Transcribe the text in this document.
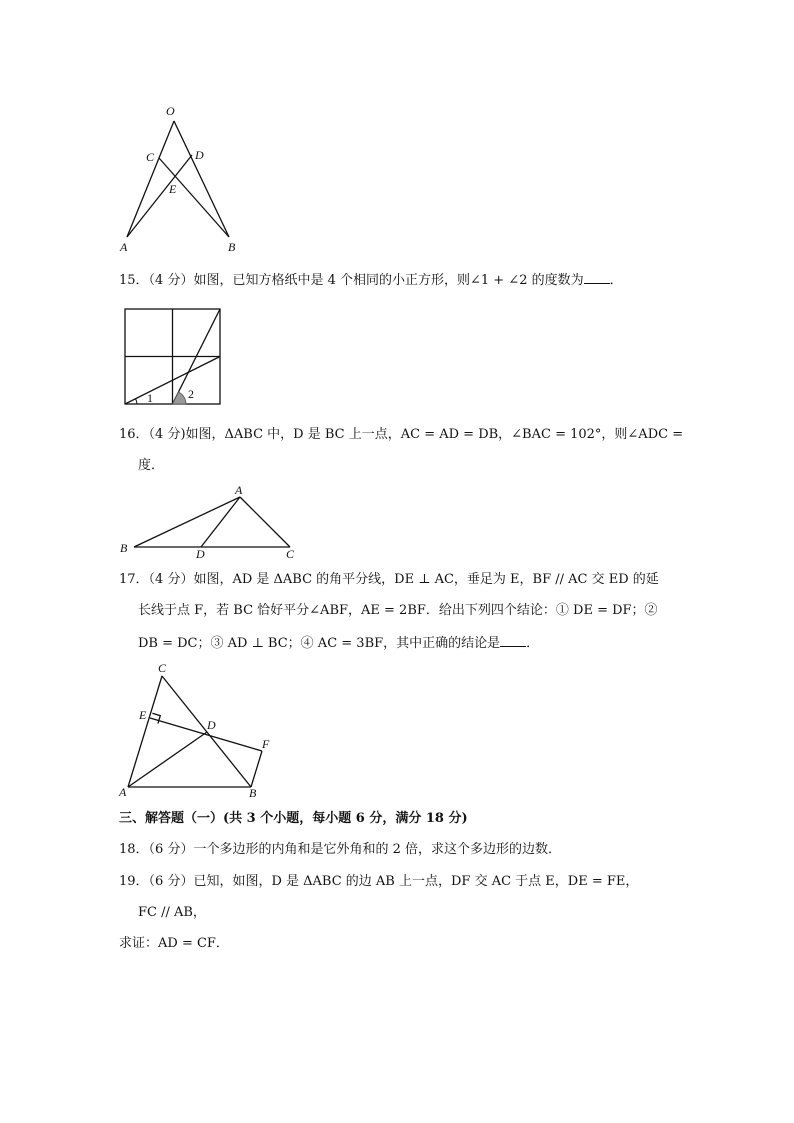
O
C	D
E
A	B
15．（4 分）如图，已知方格纸中是 4 个相同的小正方形，则∠1 + ∠2 的度数为 ．
1	2
16．（4 分)如图，ΔABC 中，D 是 BC 上一点，AC = AD = DB，∠BAC = 102°，则∠ADC =
度．
A
B	D	C
17．（4 分）如图，AD 是 ΔABC 的角平分线，DE ⊥ AC，垂足为 E，BF // AC 交 ED 的延
长线于点 F，若 BC 恰好平分∠ABF，AE = 2BF．给出下列四个结论：① DE = DF；②
DB = DC；③ AD ⊥ BC；④ AC = 3BF，其中正确的结论是 ．
C
E
D
F
A	B
三、解答题（一）(共 3 个小题，每小题 6 分，满分 18 分)
18．（6 分）一个多边形的内角和是它外角和的 2 倍，求这个多边形的边数．
19．（6 分）已知，如图，D 是 ΔABC 的边 AB 上一点，DF 交 AC 于点 E，DE = FE，
FC // AB，
求证：AD = CF．
